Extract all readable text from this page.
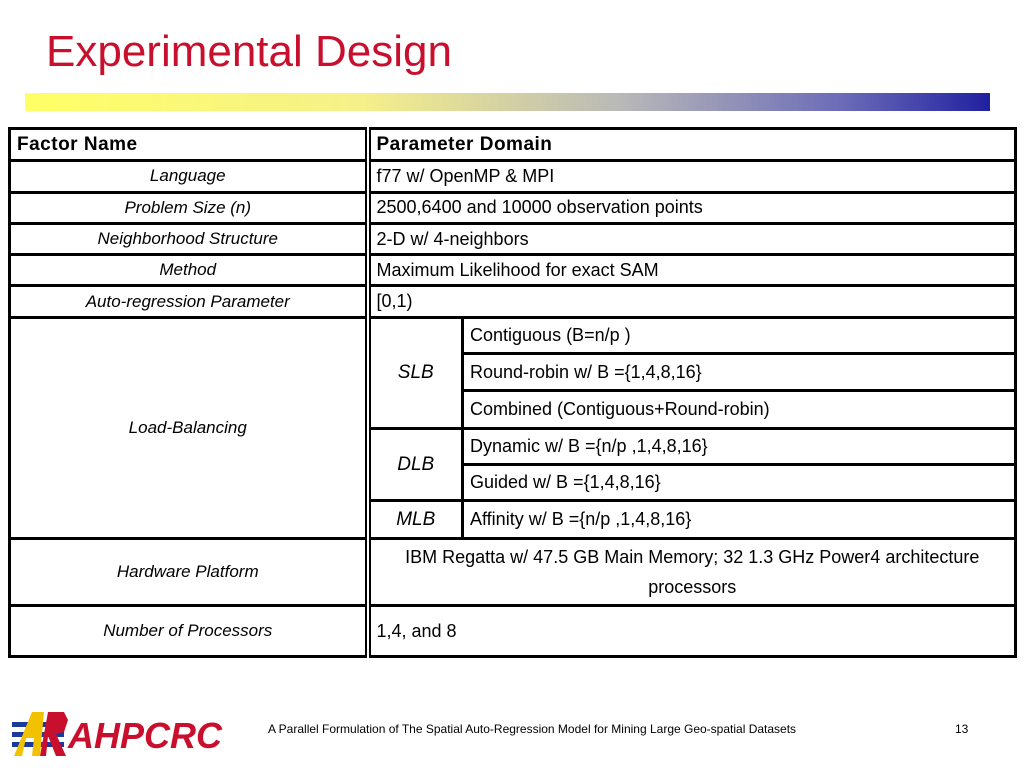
Experimental Design
Factor Name	Parameter Domain	
Language	f77 w/ OpenMP & MPI	
Problem Size (n)	2500,6400 and 10000 observation points	
Neighborhood Structure	2-D w/ 4-neighbors	
Method	Maximum Likelihood for exact SAM	
Auto-regression Parameter	[0,1)	
Load-Balancing	SLB	Contiguous (B=n/p )
		Round-robin w/ B ={1,4,8,16}
		Combined (Contiguous+Round-robin)
	DLB	Dynamic w/ B ={n/p ,1,4,8,16}
		Guided w/ B ={1,4,8,16}
	MLB	Affinity w/ B ={n/p ,1,4,8,16}
Hardware Platform	IBM Regatta w/ 47.5 GB Main Memory; 32 1.3 GHz Power4 architecture processors	
Number of Processors	1,4, and 8	
AHPCRC	A Parallel Formulation of The Spatial Auto-Regression Model for Mining Large Geo-spatial Datasets	13
